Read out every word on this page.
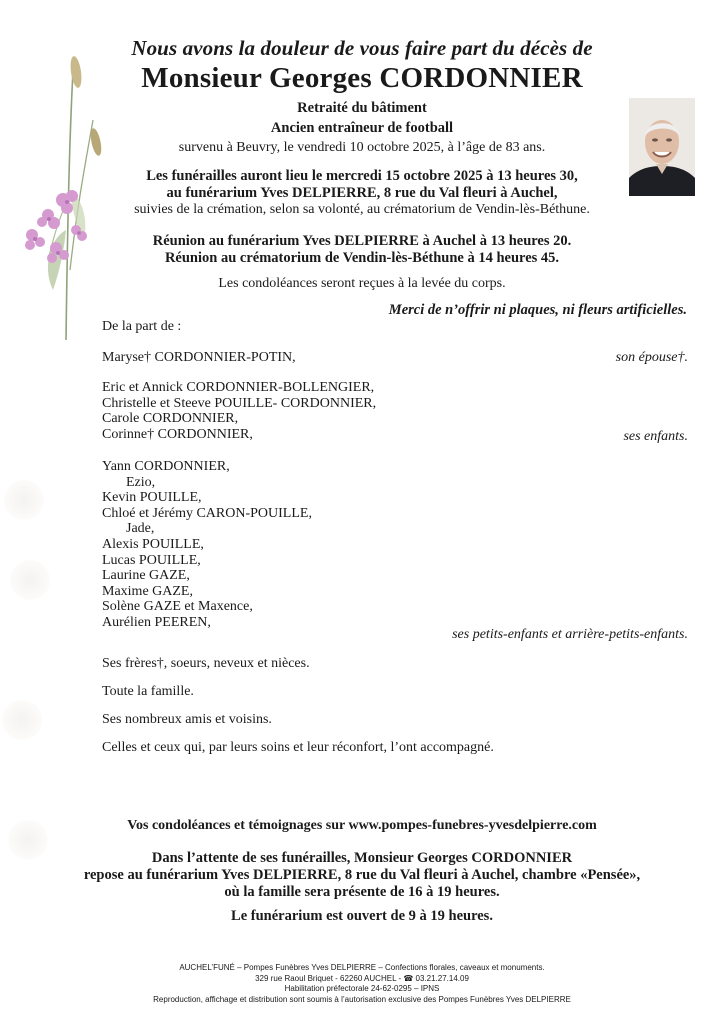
Nous avons la douleur de vous faire part du décès de
Monsieur Georges CORDONNIER
Retraité du bâtiment
Ancien entraîneur de football
survenu à Beuvry, le vendredi 10 octobre 2025, à l’âge de 83 ans.
Les funérailles auront lieu le mercredi 15 octobre 2025 à 13 heures 30,
au funérarium Yves DELPIERRE, 8 rue du Val fleuri à Auchel,
suivies de la crémation, selon sa volonté, au crématorium de Vendin-lès-Béthune.
Réunion au funérarium Yves DELPIERRE à Auchel à 13 heures 20.
Réunion au crématorium de Vendin-lès-Béthune à 14 heures 45.
Les condoléances seront reçues à la levée du corps.
Merci de n’offrir ni plaques, ni fleurs artificielles.
De la part de :
Maryse† CORDONNIER-POTIN,	son épouse†.
Eric et Annick CORDONNIER-BOLLENGIER,
Christelle et Steeve POUILLE- CORDONNIER,
Carole CORDONNIER,
Corinne† CORDONNIER,	ses enfants.
Yann CORDONNIER,
Ezio,
Kevin POUILLE,
Chloé et Jérémy CARON-POUILLE,
Jade,
Alexis POUILLE,
Lucas POUILLE,
Laurine GAZE,
Maxime GAZE,
Solène GAZE et Maxence,
Aurélien PEEREN,
ses petits-enfants et arrière-petits-enfants.
Ses frères†, soeurs, neveux et nièces.
Toute la famille.
Ses nombreux amis et voisins.
Celles et ceux qui, par leurs soins et leur réconfort, l’ont accompagné.
Vos condoléances et témoignages sur www.pompes-funebres-yvesdelpierre.com
Dans l’attente de ses funérailles, Monsieur Georges CORDONNIER
repose au funérarium Yves DELPIERRE, 8 rue du Val fleuri à Auchel, chambre «Pensée»,
où la famille sera présente de 16 à 19 heures.
Le funérarium est ouvert de 9 à 19 heures.
AUCHEL’FUNÉ – Pompes Funèbres Yves DELPIERRE – Confections florales, caveaux et monuments.
329 rue Raoul Briquet - 62260 AUCHEL - ☎ 03.21.27.14.09
Habilitation préfectorale 24-62-0295 – IPNS
Reproduction, affichage et distribution sont soumis à l’autorisation exclusive des Pompes Funèbres Yves DELPIERRE
